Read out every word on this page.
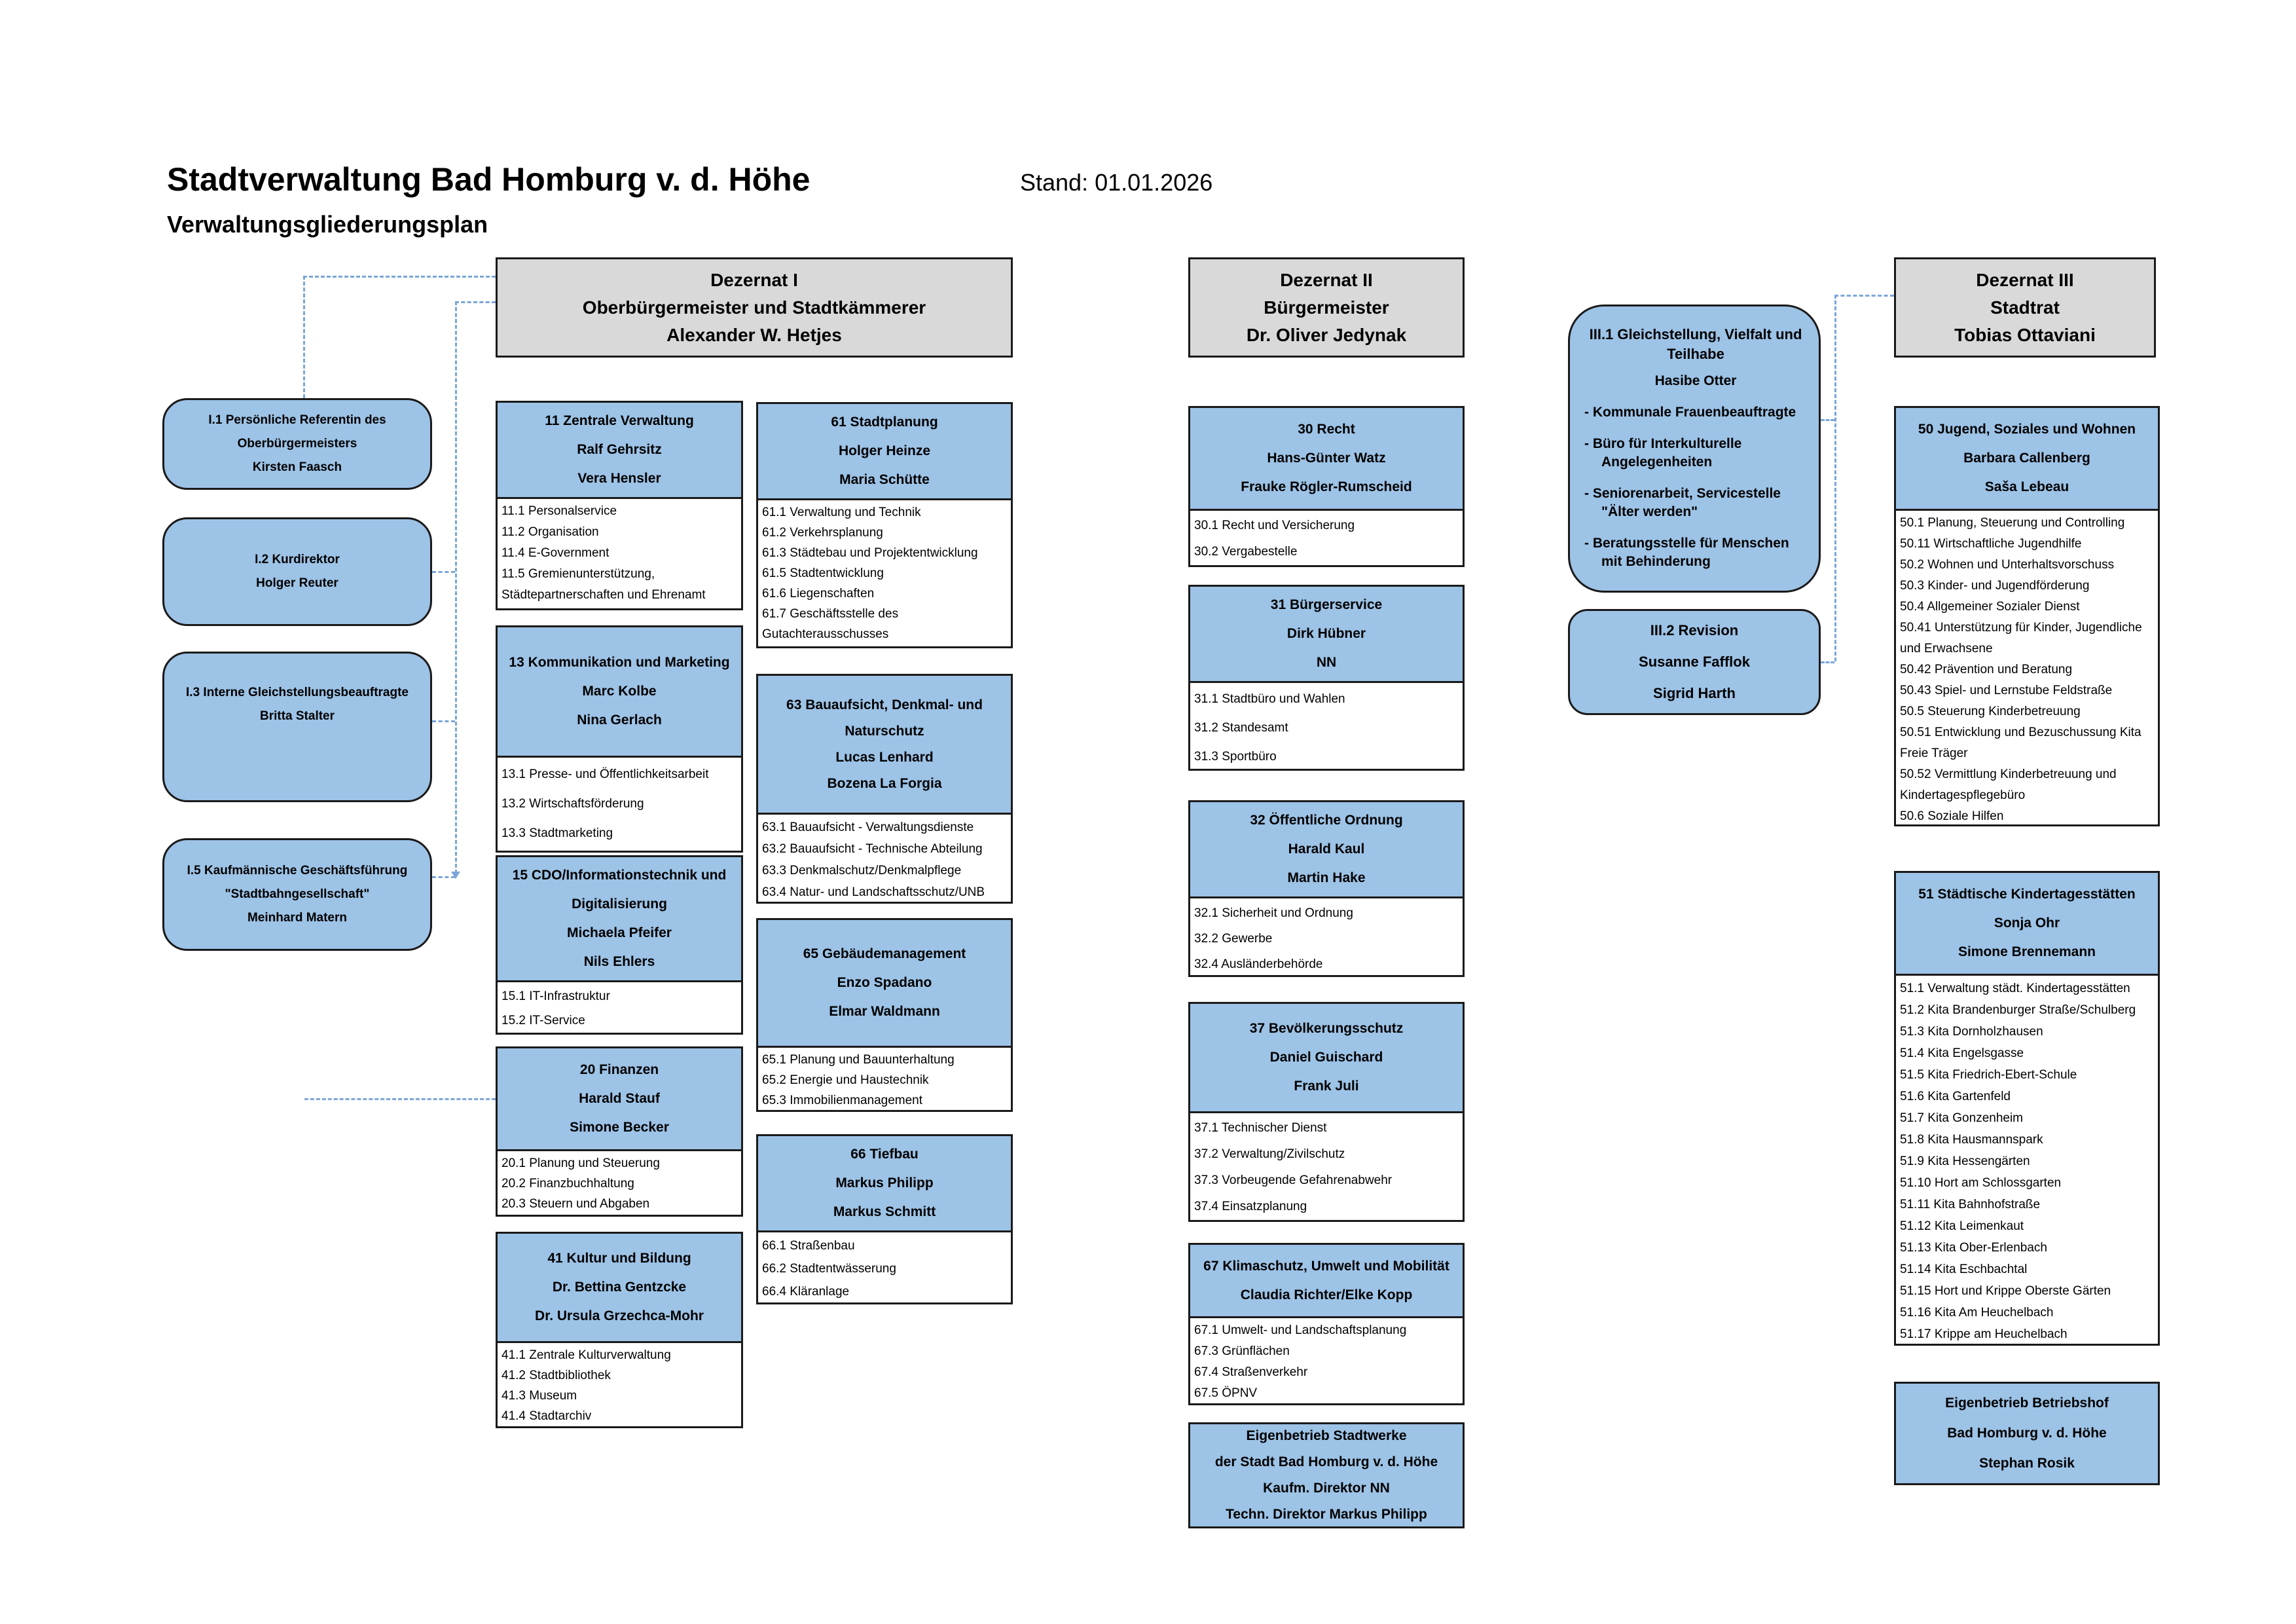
Stadtverwaltung Bad Homburg v. d. Höhe	Stand: 01.01.2026
Verwaltungsgliederungsplan
Dezernat I
Oberbürgermeister und Stadtkämmerer
Alexander W. Hetjes
Dezernat II
Bürgermeister
Dr. Oliver Jedynak
Dezernat III
Stadtrat
Tobias Ottaviani
I.1 Persönliche Referentin des Oberbürgermeisters
Kirsten Faasch
I.2 Kurdirektor
Holger Reuter
I.3 Interne Gleichstellungsbeauftragte
Britta Stalter
I.5 Kaufmännische Geschäftsführung
"Stadtbahngesellschaft"
Meinhard Matern
III.1 Gleichstellung, Vielfalt und Teilhabe
Hasibe Otter
- Kommunale Frauenbeauftragte
- Büro für Interkulturelle Angelegenheiten
- Seniorenarbeit, Servicestelle "Älter werden"
- Beratungsstelle für Menschen mit Behinderung
III.2 Revision
Susanne Fafflok
Sigrid Harth
11 Zentrale Verwaltung
Ralf Gehrsitz
Vera Hensler
11.1 Personalservice
11.2 Organisation
11.4 E-Government
11.5 Gremienunterstützung, Städtepartnerschaften und Ehrenamt
13 Kommunikation und Marketing
Marc Kolbe
Nina Gerlach
13.1 Presse- und Öffentlichkeitsarbeit
13.2 Wirtschaftsförderung
13.3 Stadtmarketing
15 CDO/Informationstechnik und Digitalisierung
Michaela Pfeifer
Nils Ehlers
15.1 IT-Infrastruktur
15.2 IT-Service
20 Finanzen
Harald Stauf
Simone Becker
20.1 Planung und Steuerung
20.2 Finanzbuchhaltung
20.3 Steuern und Abgaben
41 Kultur und Bildung
Dr. Bettina Gentzcke
Dr. Ursula Grzechca-Mohr
41.1 Zentrale Kulturverwaltung
41.2 Stadtbibliothek
41.3 Museum
41.4 Stadtarchiv
61 Stadtplanung
Holger Heinze
Maria Schütte
61.1 Verwaltung und Technik
61.2 Verkehrsplanung
61.3 Städtebau und Projektentwicklung
61.5 Stadtentwicklung
61.6 Liegenschaften
61.7 Geschäftsstelle des Gutachterausschusses
63 Bauaufsicht, Denkmal- und Naturschutz
Lucas Lenhard
Bozena La Forgia
63.1 Bauaufsicht - Verwaltungsdienste
63.2 Bauaufsicht - Technische Abteilung
63.3 Denkmalschutz/Denkmalpflege
63.4 Natur- und Landschaftsschutz/UNB
65 Gebäudemanagement
Enzo Spadano
Elmar Waldmann
65.1 Planung und Bauunterhaltung
65.2 Energie und Haustechnik
65.3 Immobilienmanagement
66 Tiefbau
Markus Philipp
Markus Schmitt
66.1 Straßenbau
66.2 Stadtentwässerung
66.4 Kläranlage
30 Recht
Hans-Günter Watz
Frauke Rögler-Rumscheid
30.1 Recht und Versicherung
30.2 Vergabestelle
31 Bürgerservice
Dirk Hübner
NN
31.1 Stadtbüro und Wahlen
31.2 Standesamt
31.3 Sportbüro
32 Öffentliche Ordnung
Harald Kaul
Martin Hake
32.1 Sicherheit und Ordnung
32.2 Gewerbe
32.4 Ausländerbehörde
37 Bevölkerungsschutz
Daniel Guischard
Frank Juli
37.1 Technischer Dienst
37.2 Verwaltung/Zivilschutz
37.3 Vorbeugende Gefahrenabwehr
37.4 Einsatzplanung
67 Klimaschutz, Umwelt und Mobilität
Claudia Richter/Elke Kopp
67.1 Umwelt- und Landschaftsplanung
67.3 Grünflächen
67.4 Straßenverkehr
67.5 ÖPNV
Eigenbetrieb Stadtwerke
der Stadt Bad Homburg v. d. Höhe
Kaufm. Direktor NN
Techn. Direktor Markus Philipp
50 Jugend, Soziales und Wohnen
Barbara Callenberg
Saša Lebeau
50.1 Planung, Steuerung und Controlling
50.11 Wirtschaftliche Jugendhilfe
50.2 Wohnen und Unterhaltsvorschuss
50.3 Kinder- und Jugendförderung
50.4 Allgemeiner Sozialer Dienst
50.41 Unterstützung für Kinder, Jugendliche und Erwachsene
50.42 Prävention und Beratung
50.43 Spiel- und Lernstube Feldstraße
50.5 Steuerung Kinderbetreuung
50.51 Entwicklung und Bezuschussung Kita Freie Träger
50.52 Vermittlung Kinderbetreuung und Kindertagespflegebüro
50.6 Soziale Hilfen
51 Städtische Kindertagesstätten
Sonja Ohr
Simone Brennemann
51.1 Verwaltung städt. Kindertagesstätten
51.2 Kita Brandenburger Straße/Schulberg
51.3 Kita Dornholzhausen
51.4 Kita Engelsgasse
51.5 Kita Friedrich-Ebert-Schule
51.6 Kita Gartenfeld
51.7 Kita Gonzenheim
51.8 Kita Hausmannspark
51.9 Kita Hessengärten
51.10 Hort am Schlossgarten
51.11 Kita Bahnhofstraße
51.12 Kita Leimenkaut
51.13 Kita Ober-Erlenbach
51.14 Kita Eschbachtal
51.15 Hort und Krippe Oberste Gärten
51.16 Kita Am Heuchelbach
51.17 Krippe am Heuchelbach
Eigenbetrieb Betriebshof
Bad Homburg v. d. Höhe
Stephan Rosik
